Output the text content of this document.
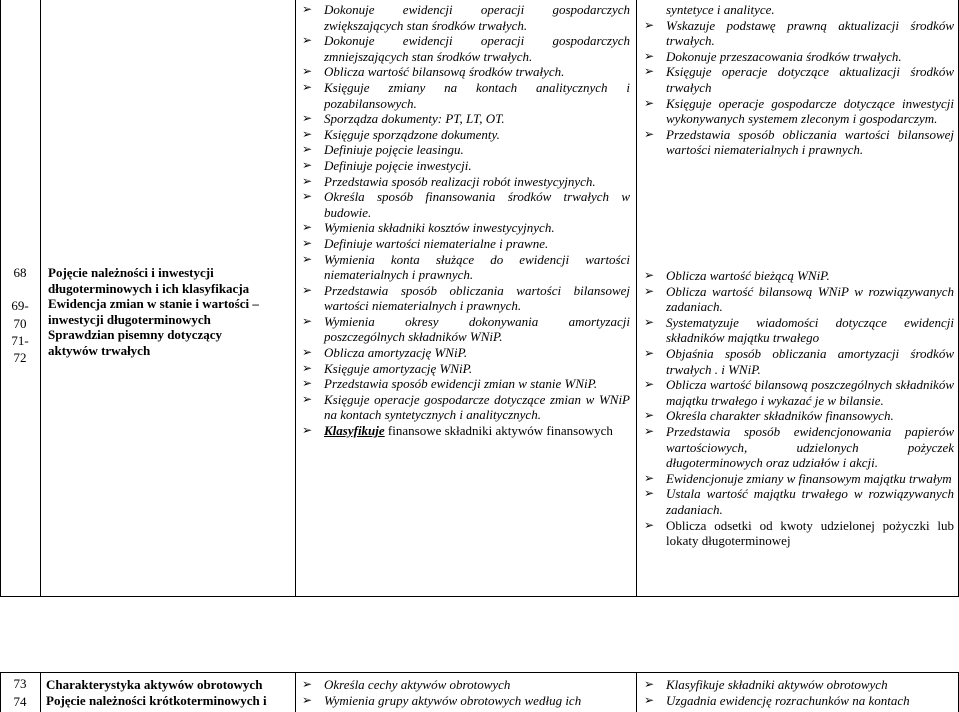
68
69-
70
71-
72
Pojęcie należności i inwestycji
długoterminowych i ich klasyfikacja
Ewidencja zmian w stanie i wartości –
inwestycji długoterminowych
Sprawdzian pisemny dotyczący
aktywów trwałych
➢ Dokonuje ewidencji operacji gospodarczych zwiększających stan środków trwałych.
➢ Dokonuje ewidencji operacji gospodarczych zmniejszających stan środków trwałych.
➢ Oblicza wartość bilansową środków trwałych.
➢ Księguje zmiany na kontach analitycznych i pozabilansowych.
➢ Sporządza dokumenty: PT, LT, OT.
➢ Księguje sporządzone dokumenty.
➢ Definiuje pojęcie leasingu.
➢ Definiuje pojęcie inwestycji.
➢ Przedstawia sposób realizacji robót inwestycyjnych.
➢ Określa sposób finansowania środków trwałych w budowie.
➢ Wymienia składniki kosztów inwestycyjnych.
➢ Definiuje wartości niematerialne i prawne.
➢ Wymienia konta służące do ewidencji wartości niematerialnych i prawnych.
➢ Przedstawia sposób obliczania wartości bilansowej wartości niematerialnych i prawnych.
➢ Wymienia okresy dokonywania amortyzacji poszczególnych składników WNiP.
➢ Oblicza amortyzację WNiP.
➢ Księguje amortyzację WNiP.
➢ Przedstawia sposób ewidencji zmian w stanie WNiP.
➢ Księguje operacje gospodarcze dotyczące zmian w WNiP na kontach syntetycznych i analitycznych.
➢ Klasyfikuje finansowe składniki aktywów finansowych
syntetyce i analityce.
➢ Wskazuje podstawę prawną aktualizacji środków trwałych.
➢ Dokonuje przeszacowania środków trwałych.
➢ Księguje operacje dotyczące aktualizacji środków trwałych
➢ Księguje operacje gospodarcze dotyczące inwestycji wykonywanych systemem zleconym i gospodarczym.
➢ Przedstawia sposób obliczania wartości bilansowej wartości niematerialnych i prawnych.
➢ Oblicza wartość bieżącą WNiP.
➢ Oblicza wartość bilansową WNiP w rozwiązywanych zadaniach.
➢ Systematyzuje wiadomości dotyczące ewidencji składników majątku trwałego
➢ Objaśnia sposób obliczania amortyzacji środków trwałych . i WNiP.
➢ Oblicza wartość bilansową poszczególnych składników majątku trwałego i wykazać je w bilansie.
➢ Określa charakter składników finansowych.
➢ Przedstawia sposób ewidencjonowania papierów wartościowych, udzielonych pożyczek długoterminowych oraz udziałów i akcji.
➢ Ewidencjonuje zmiany w finansowym majątku trwałym
➢ Ustala wartość majątku trwałego w rozwiązywanych zadaniach.
➢ Oblicza odsetki od kwoty udzielonej pożyczki lub lokaty długoterminowej
73
74
Charakterystyka aktywów obrotowych
Pojęcie należności krótkoterminowych i
➢ Określa cechy aktywów obrotowych
➢ Wymienia grupy aktywów obrotowych według ich
➢ Klasyfikuje składniki aktywów obrotowych
➢ Uzgadnia ewidencję rozrachunków na kontach
